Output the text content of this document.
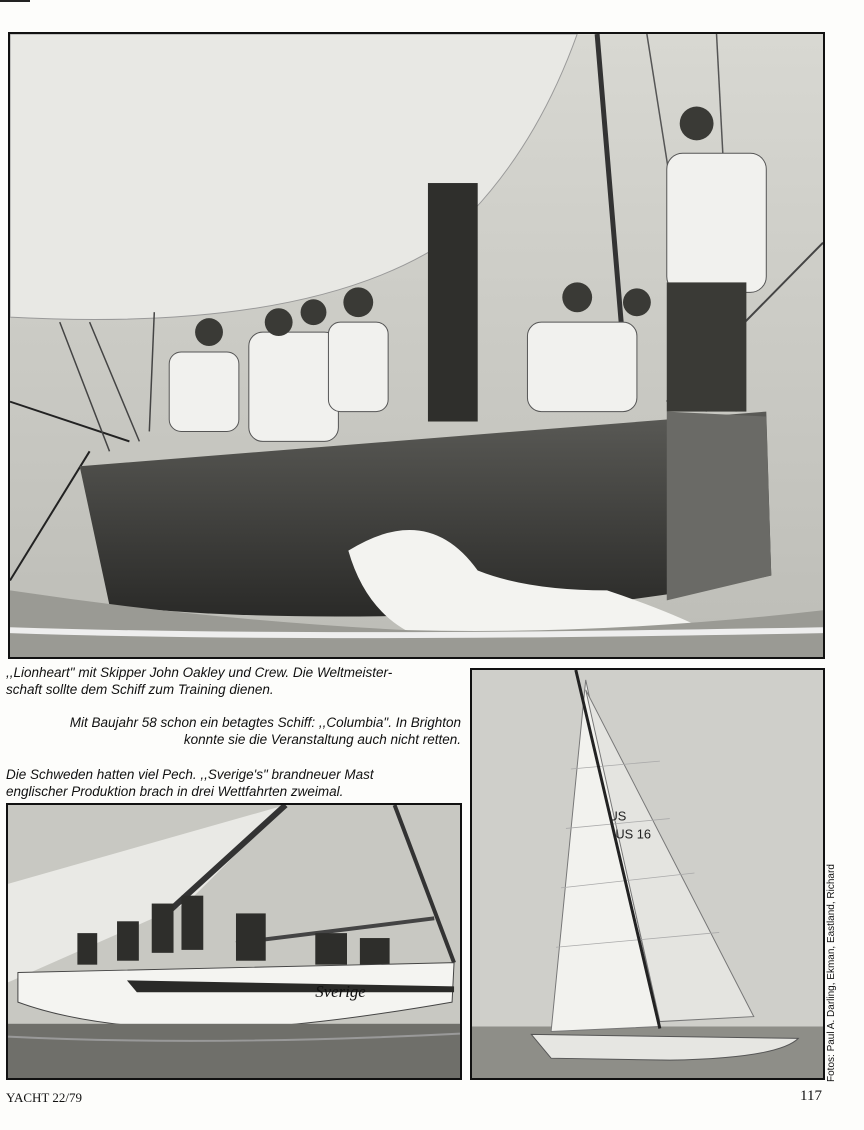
,,Lionheart" mit Skipper John Oakley und Crew. Die Weltmeister-
schaft sollte dem Schiff zum Training dienen.

Mit Baujahr 58 schon ein betagtes Schiff: ,,Columbia". In Brighton
konnte sie die Veranstaltung auch nicht retten.

Die Schweden hatten viel Pech. ,,Sverige's" brandneuer Mast
englischer Produktion brach in drei Wettfahrten zweimal.

US
US 16
Sverige	Fotos: Paul A. Darling, Ekman, Eastland, Richard
YACHT 22/79	117
